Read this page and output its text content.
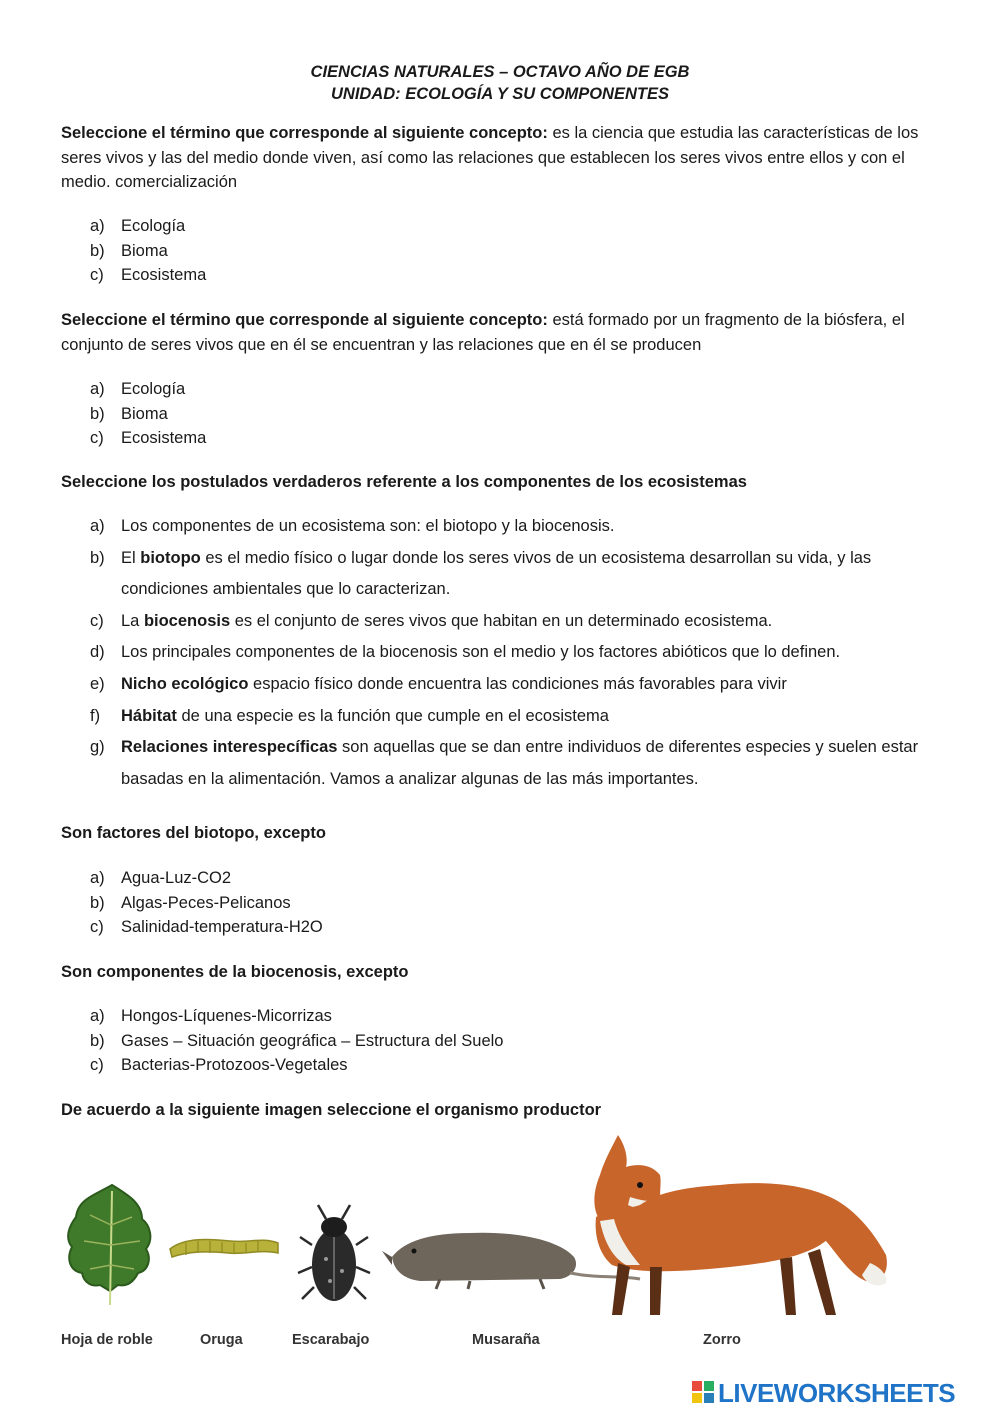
CIENCIAS NATURALES – OCTAVO AÑO DE EGB
UNIDAD: ECOLOGÍA Y SU COMPONENTES
Seleccione el término que corresponde al siguiente concepto: es la ciencia que estudia las características de los seres vivos y las del medio donde viven, así como las relaciones que establecen los seres vivos entre ellos y con el medio. comercialización
a) Ecología
b) Bioma
c) Ecosistema
Seleccione el término que corresponde al siguiente concepto: está formado por un fragmento de la biósfera, el conjunto de seres vivos que en él se encuentran y las relaciones que en él se producen
a) Ecología
b) Bioma
c) Ecosistema
Seleccione los postulados verdaderos referente a los componentes de los ecosistemas
a) Los componentes de un ecosistema son: el biotopo y la biocenosis.
b) El biotopo es el medio físico o lugar donde los seres vivos de un ecosistema desarrollan su vida, y las condiciones ambientales que lo caracterizan.
c) La biocenosis es el conjunto de seres vivos que habitan en un determinado ecosistema.
d) Los principales componentes de la biocenosis son el medio y los factores abióticos que lo definen.
e) Nicho ecológico espacio físico donde encuentra las condiciones más favorables para vivir
f) Hábitat de una especie es la función que cumple en el ecosistema
g) Relaciones interespecíficas son aquellas que se dan entre individuos de diferentes especies y suelen estar basadas en la alimentación. Vamos a analizar algunas de las más importantes.
Son factores del biotopo, excepto
a) Agua-Luz-CO2
b) Algas-Peces-Pelicanos
c) Salinidad-temperatura-H2O
Son componentes de la biocenosis, excepto
a) Hongos-Líquenes-Micorrizas
b) Gases – Situación geográfica – Estructura del Suelo
c) Bacterias-Protozoos-Vegetales
De acuerdo a la siguiente imagen seleccione el organismo productor
Hoja de roble	Oruga	Escarabajo	Musaraña	Zorro
LIVEWORKSHEETS
